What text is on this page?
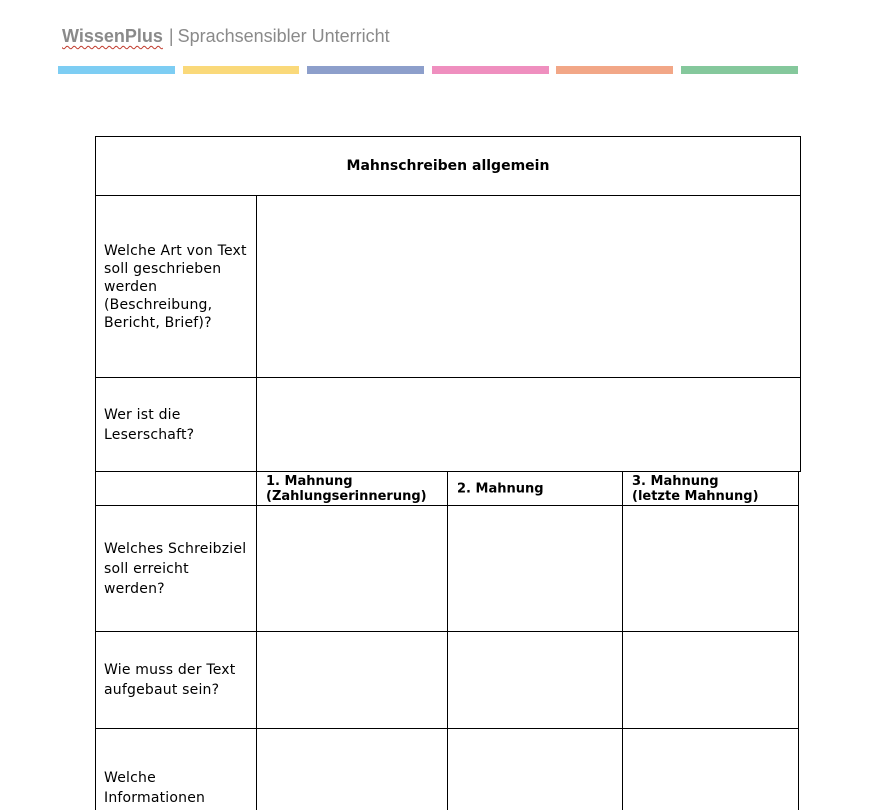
WissenPlus | Sprachsensibler Unterricht
Mahnschreiben allgemein
Welche Art von Text soll geschrieben werden (Beschreibung, Bericht, Brief)?
Wer ist die Leserschaft?
1. Mahnung
(Zahlungserinnerung)	2. Mahnung	3. Mahnung
(letzte Mahnung)
Welches Schreibziel soll erreicht werden?
Wie muss der Text aufgebaut sein?
Welche Informationen
